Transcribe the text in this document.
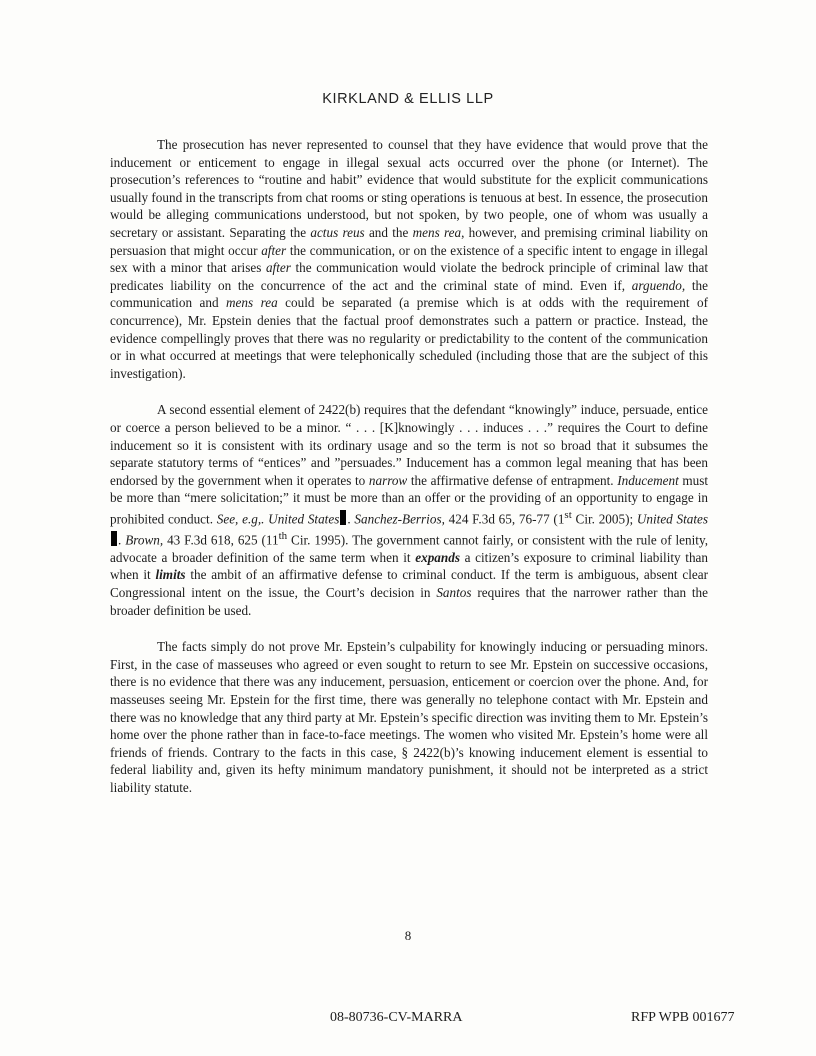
KIRKLAND & ELLIS LLP

The prosecution has never represented to counsel that they have evidence that would prove that the inducement or enticement to engage in illegal sexual acts occurred over the phone (or Internet). The prosecution’s references to “routine and habit” evidence that would substitute for the explicit communications usually found in the transcripts from chat rooms or sting operations is tenuous at best. In essence, the prosecution would be alleging communications understood, but not spoken, by two people, one of whom was usually a secretary or assistant. Separating the actus reus and the mens rea, however, and premising criminal liability on persuasion that might occur after the communication, or on the existence of a specific intent to engage in illegal sex with a minor that arises after the communication would violate the bedrock principle of criminal law that predicates liability on the concurrence of the act and the criminal state of mind. Even if, arguendo, the communication and mens rea could be separated (a premise which is at odds with the requirement of concurrence), Mr. Epstein denies that the factual proof demonstrates such a pattern or practice. Instead, the evidence compellingly proves that there was no regularity or predictability to the content of the communication or in what occurred at meetings that were telephonically scheduled (including those that are the subject of this investigation).

A second essential element of 2422(b) requires that the defendant “knowingly” induce, persuade, entice or coerce a person believed to be a minor. “ . . . [K]knowingly . . . induces . . .” requires the Court to define inducement so it is consistent with its ordinary usage and so the term is not so broad that it subsumes the separate statutory terms of “entices” and ”persuades.” Inducement has a common legal meaning that has been endorsed by the government when it operates to narrow the affirmative defense of entrapment. Inducement must be more than “mere solicitation;” it must be more than an offer or the providing of an opportunity to engage in prohibited conduct. See, e.g,. United States . Sanchez-Berrios, 424 F.3d 65, 76-77 (1st Cir. 2005); United States. Brown, 43 F.3d 618, 625 (11th Cir. 1995). The government cannot fairly, or consistent with the rule of lenity, advocate a broader definition of the same term when it expands a citizen’s exposure to criminal liability than when it limits the ambit of an affirmative defense to criminal conduct. If the term is ambiguous, absent clear Congressional intent on the issue, the Court’s decision in Santos requires that the narrower rather than the broader definition be used.

The facts simply do not prove Mr. Epstein’s culpability for knowingly inducing or persuading minors. First, in the case of masseuses who agreed or even sought to return to see Mr. Epstein on successive occasions, there is no evidence that there was any inducement, persuasion, enticement or coercion over the phone. And, for masseuses seeing Mr. Epstein for the first time, there was generally no telephone contact with Mr. Epstein and there was no knowledge that any third party at Mr. Epstein’s specific direction was inviting them to Mr. Epstein’s home over the phone rather than in face-to-face meetings. The women who visited Mr. Epstein’s home were all friends of friends. Contrary to the facts in this case, § 2422(b)’s knowing inducement element is essential to federal liability and, given its hefty minimum mandatory punishment, it should not be interpreted as a strict liability statute.

8
08-80736-CV-MARRA	RFP WPB 001677
